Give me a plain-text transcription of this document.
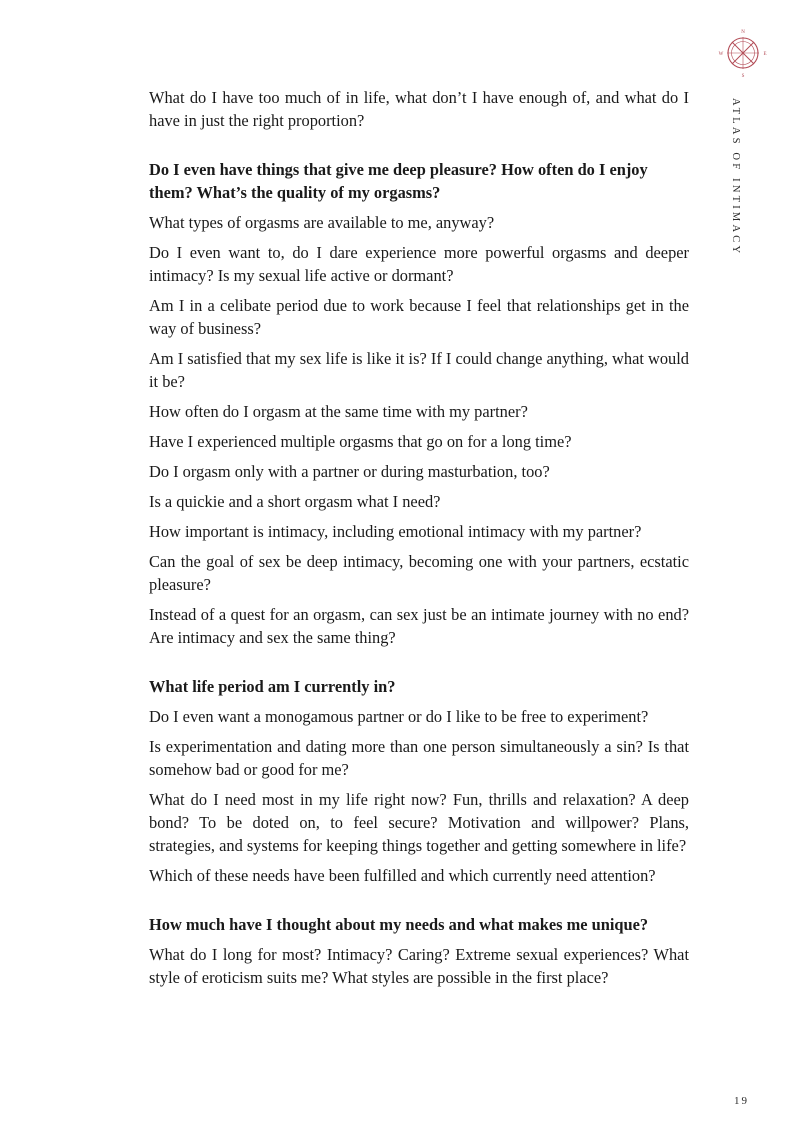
N
E
S
W
ATLAS OF INTIMACY

What do I have too much of in life, what don’t I have enough of, and what do I have in just the right proportion?

Do I even have things that give me deep pleasure? How often do I enjoy them? What’s the quality of my orgasms?

What types of orgasms are available to me, anyway?

Do I even want to, do I dare experience more powerful orgasms and deeper intimacy? Is my sexual life active or dormant?

Am I in a celibate period due to work because I feel that relationships get in the way of business?

Am I satisfied that my sex life is like it is? If I could change anything, what would it be?

How often do I orgasm at the same time with my partner?

Have I experienced multiple orgasms that go on for a long time?

Do I orgasm only with a partner or during masturbation, too?

Is a quickie and a short orgasm what I need?

How important is intimacy, including emotional intimacy with my partner?

Can the goal of sex be deep intimacy, becoming one with your partners, ecstatic pleasure?

Instead of a quest for an orgasm, can sex just be an intimate journey with no end? Are intimacy and sex the same thing?

What life period am I currently in?

Do I even want a monogamous partner or do I like to be free to experiment?

Is experimentation and dating more than one person simultaneously a sin? Is that somehow bad or good for me?

What do I need most in my life right now? Fun, thrills and relaxation? A deep bond? To be doted on, to feel secure? Motivation and willpower? Plans, strategies, and systems for keeping things together and getting somewhere in life?

Which of these needs have been fulfilled and which currently need attention?

How much have I thought about my needs and what makes me unique?

What do I long for most? Intimacy? Caring? Extreme sexual experiences? What style of eroticism suits me? What styles are possible in the first place?

19
